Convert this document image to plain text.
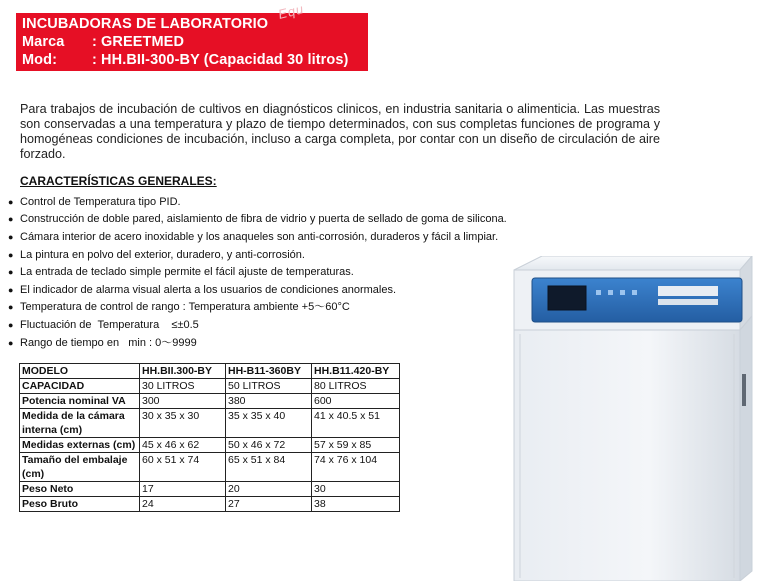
INCUBADORAS DE LABORATORIO
Marca	: GREETMED
Mod:	: HH.BII-300-BY (Capacidad 30 litros)
Equ
Para trabajos de incubación de cultivos en diagnósticos clinicos, en industria sanitaria o alimenticia. Las muestras son conservadas a una temperatura y plazo de tiempo determinados, con sus completas funciones de programa y homogéneas condiciones de incubación, incluso a carga completa, por contar con un diseño de circulación de aire forzado.
CARACTERÍSTICAS GENERALES:
● Control de Temperatura tipo PID.
● Construcción de doble pared, aislamiento de fibra de vidrio y puerta de sellado de goma de silicona.
● Cámara interior de acero inoxidable y los anaqueles son anti-corrosión, duraderos y fácil a limpiar.
● La pintura en polvo del exterior, duradero, y anti-corrosión.
● La entrada de teclado simple permite el fácil ajuste de temperaturas.
● El indicador de alarma visual alerta a los usuarios de condiciones anormales.
● Temperatura de control de rango : Temperatura ambiente +5～60°C
● Fluctuación de  Temperatura    ≤±0.5
● Rango de tiempo en   min : 0～9999
MODELO	HH.BII.300-BY	HH-B11-360BY	HH.B11.420-BY
CAPACIDAD	30 LITROS	50 LITROS	80 LITROS
Potencia nominal VA	300	380	600
Medida de la cámara interna (cm)	30 x 35 x 30	35 x 35 x 40	41 x 40.5 x 51
Medidas externas (cm)	45 x 46 x 62	50 x 46 x 72	57 x 59 x 85
Tamaño del embalaje (cm)	60 x 51 x 74	65 x 51 x 84	74 x 76 x 104
Peso Neto	17	20	30
Peso Bruto	24	27	38
